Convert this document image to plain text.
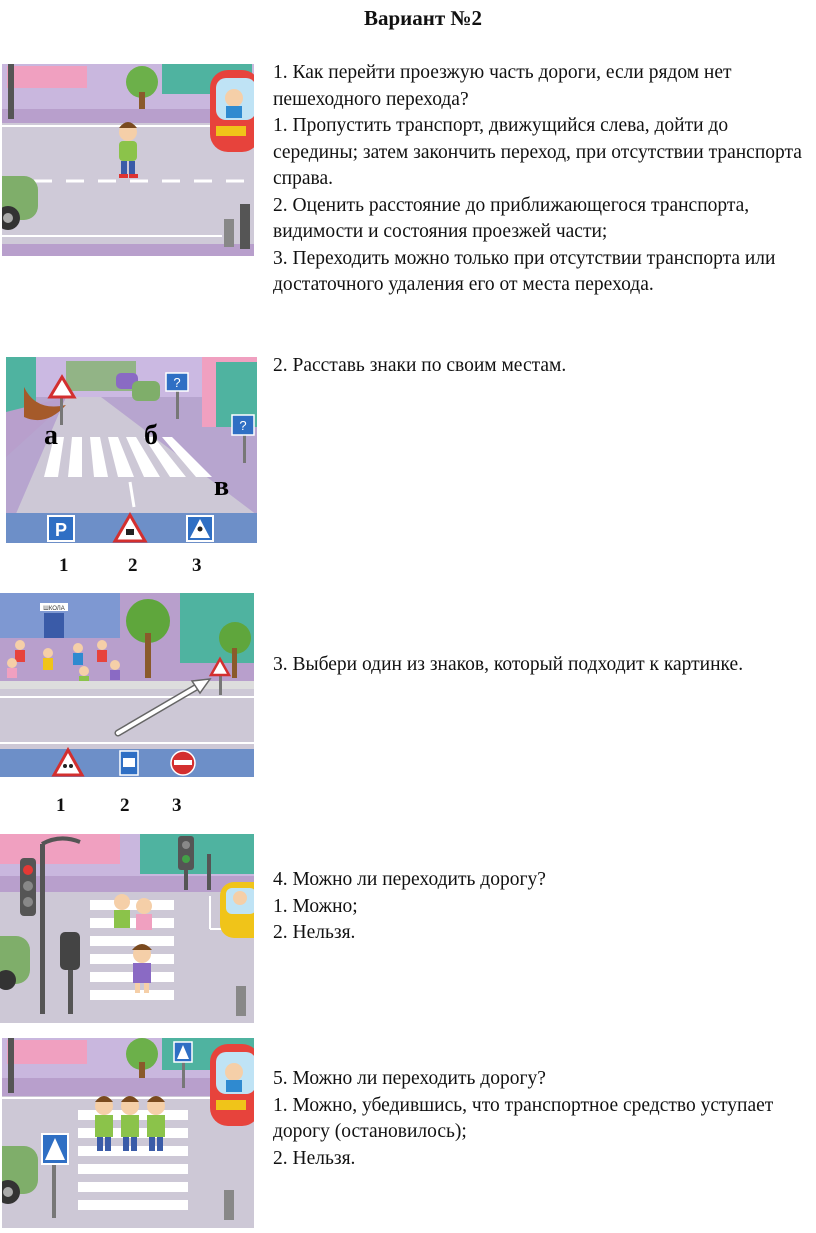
Вариант №2

1. Как перейти проезжую часть дороги, если рядом нет пешеходного перехода?

1. Пропустить транспорт, движущийся слева, дойти до середины; затем закончить переход, при отсутствии транспорта справа.

2. Оценить расстояние до приближающегося транспорта, видимости и состояния проезжей части;

3. Переходить можно только при отсутствии транспорта или достаточного удаления его от места перехода.

?
?
а	б
в
P
1	2	3

2. Расставь знаки по своим местам.

ШКОЛА
1	2 3

3. Выбери один из знаков, который подходит к картинке.

4. Можно ли переходить дорогу?

1. Можно;

2. Нельзя.

5. Можно ли переходить дорогу?

1. Можно, убедившись, что транспортное средство уступает дорогу (остановилось);

2. Нельзя.
